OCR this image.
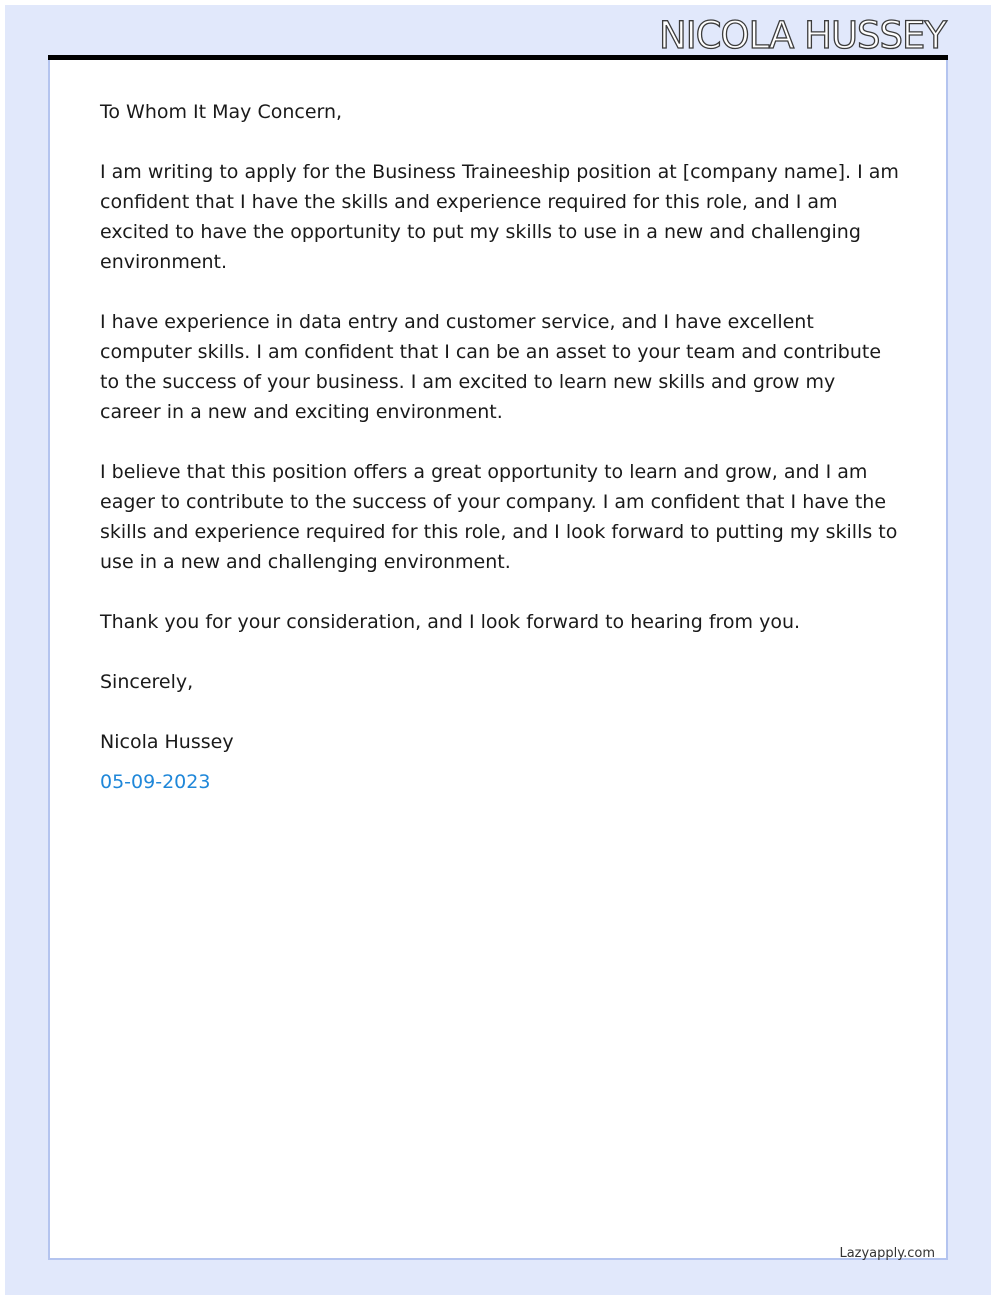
NICOLA HUSSEY

To Whom It May Concern,

I am writing to apply for the Business Traineeship position at [company name]. I am confident that I have the skills and experience required for this role, and I am excited to have the opportunity to put my skills to use in a new and challenging environment.

I have experience in data entry and customer service, and I have excellent computer skills. I am confident that I can be an asset to your team and contribute to the success of your business. I am excited to learn new skills and grow my career in a new and exciting environment.

I believe that this position offers a great opportunity to learn and grow, and I am eager to contribute to the success of your company. I am confident that I have the skills and experience required for this role, and I look forward to putting my skills to use in a new and challenging environment.

Thank you for your consideration, and I look forward to hearing from you.

Sincerely,

Nicola Hussey

05-09-2023

Lazyapply.com
